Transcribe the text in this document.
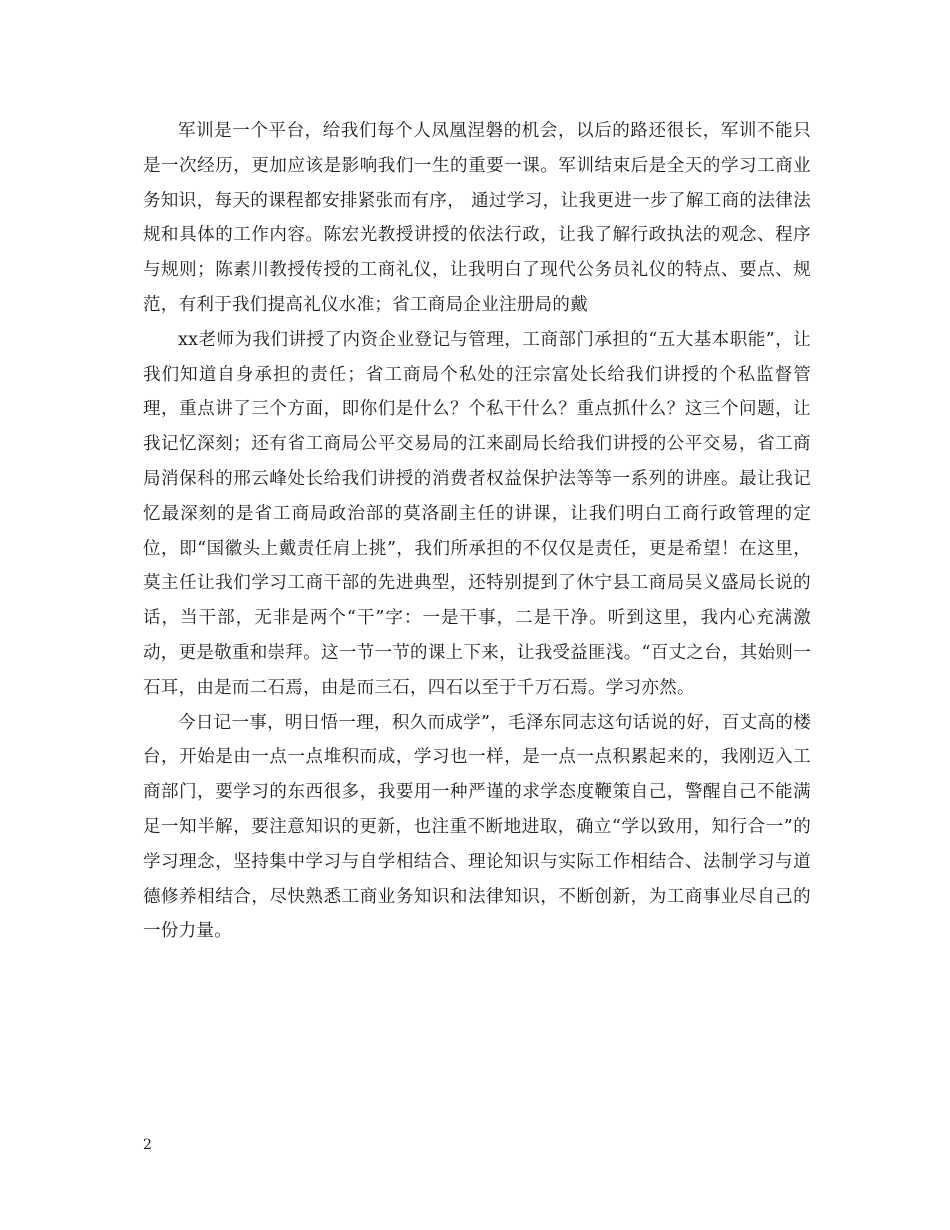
军训是一个平台，给我们每个人凤凰涅磐的机会，以后的路还很长，军训不能只是一次经历，更加应该是影响我们一生的重要一课。军训结束后是全天的学习工商业务知识，每天的课程都安排紧张而有序， 通过学习，让我更进一步了解工商的法律法规和具体的工作内容。陈宏光教授讲授的依法行政，让我了解行政执法的观念、程序与规则；陈素川教授传授的工商礼仪，让我明白了现代公务员礼仪的特点、要点、规范，有利于我们提高礼仪水准；省工商局企业注册局的戴

xx老师为我们讲授了内资企业登记与管理，工商部门承担的“五大基本职能”，让我们知道自身承担的责任；省工商局个私处的汪宗富处长给我们讲授的个私监督管理，重点讲了三个方面，即你们是什么？个私干什么？重点抓什么？这三个问题，让我记忆深刻；还有省工商局公平交易局的江来副局长给我们讲授的公平交易，省工商局消保科的邢云峰处长给我们讲授的消费者权益保护法等等一系列的讲座。最让我记忆最深刻的是省工商局政治部的莫洛副主任的讲课，让我们明白工商行政管理的定位，即“国徽头上戴责任肩上挑”，我们所承担的不仅仅是责任，更是希望！在这里，莫主任让我们学习工商干部的先进典型，还特别提到了休宁县工商局吴义盛局长说的话，当干部，无非是两个“干”字：一是干事，二是干净。听到这里，我内心充满激动，更是敬重和崇拜。这一节一节的课上下来，让我受益匪浅。“百丈之台，其始则一石耳，由是而二石焉，由是而三石，四石以至于千万石焉。学习亦然。

今日记一事，明日悟一理，积久而成学”，毛泽东同志这句话说的好，百丈高的楼台，开始是由一点一点堆积而成，学习也一样，是一点一点积累起来的，我刚迈入工商部门，要学习的东西很多，我要用一种严谨的求学态度鞭策自己，警醒自己不能满足一知半解，要注意知识的更新，也注重不断地进取，确立“学以致用，知行合一”的学习理念，坚持集中学习与自学相结合、理论知识与实际工作相结合、法制学习与道德修养相结合，尽快熟悉工商业务知识和法律知识，不断创新，为工商事业尽自己的一份力量。

2
